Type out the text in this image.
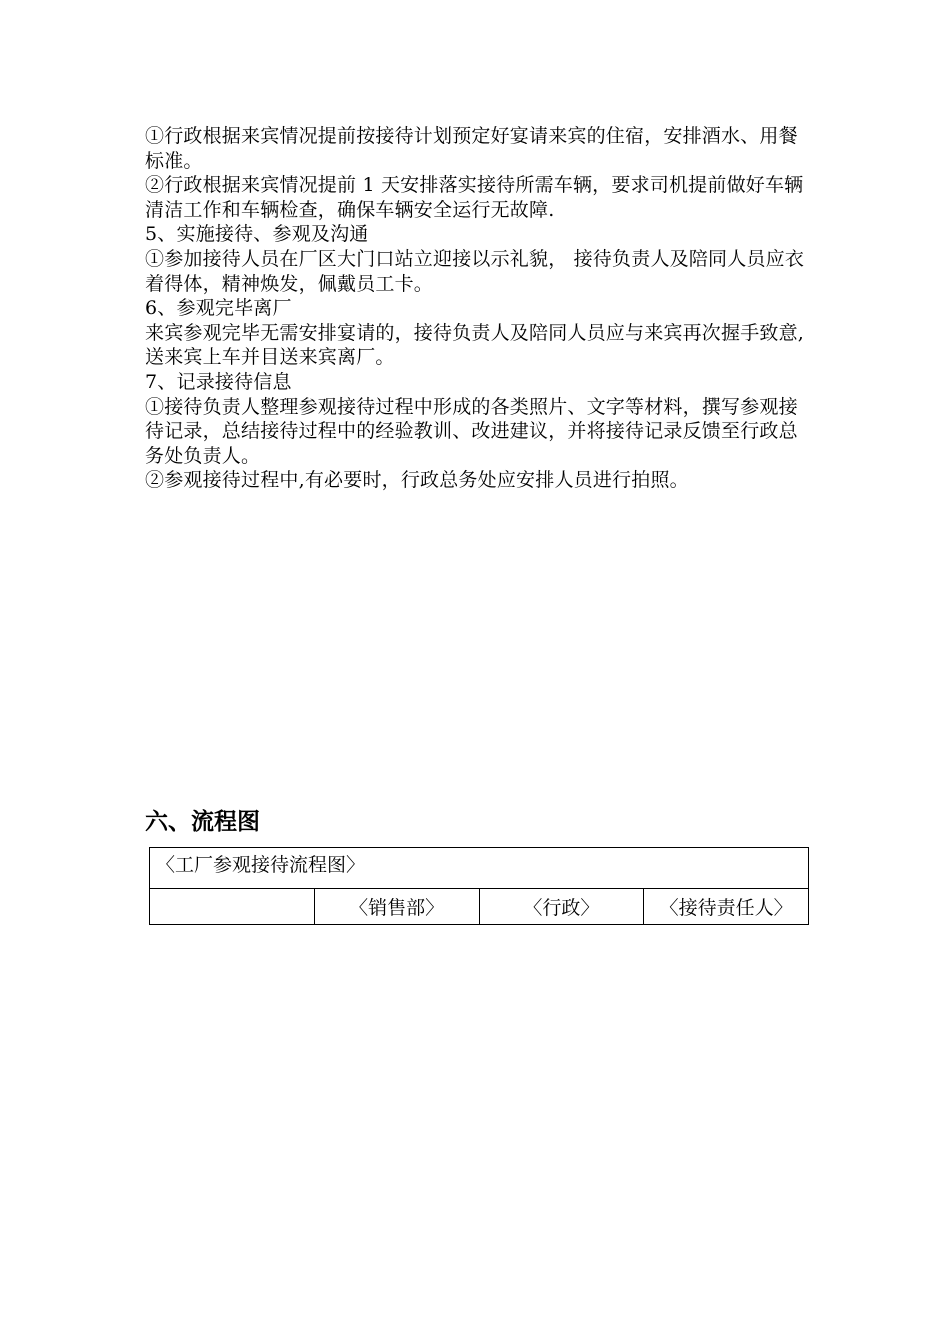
①行政根据来宾情况提前按接待计划预定好宴请来宾的住宿，安排酒水、用餐标准。

②行政根据来宾情况提前 1 天安排落实接待所需车辆，要求司机提前做好车辆清洁工作和车辆检查，确保车辆安全运行无故障.

5、实施接待、参观及沟通

①参加接待人员在厂区大门口站立迎接以示礼貌， 接待负责人及陪同人员应衣着得体，精神焕发，佩戴员工卡。

6、参观完毕离厂

来宾参观完毕无需安排宴请的，接待负责人及陪同人员应与来宾再次握手致意,送来宾上车并目送来宾离厂。

7、记录接待信息

①接待负责人整理参观接待过程中形成的各类照片、文字等材料，撰写参观接待记录，总结接待过程中的经验教训、改进建议，并将接待记录反馈至行政总务处负责人。

②参观接待过程中,有必要时，行政总务处应安排人员进行拍照。

六、流程图
〈工厂参观接待流程图〉
	〈销售部〉	〈行政〉	〈接待责任人〉
